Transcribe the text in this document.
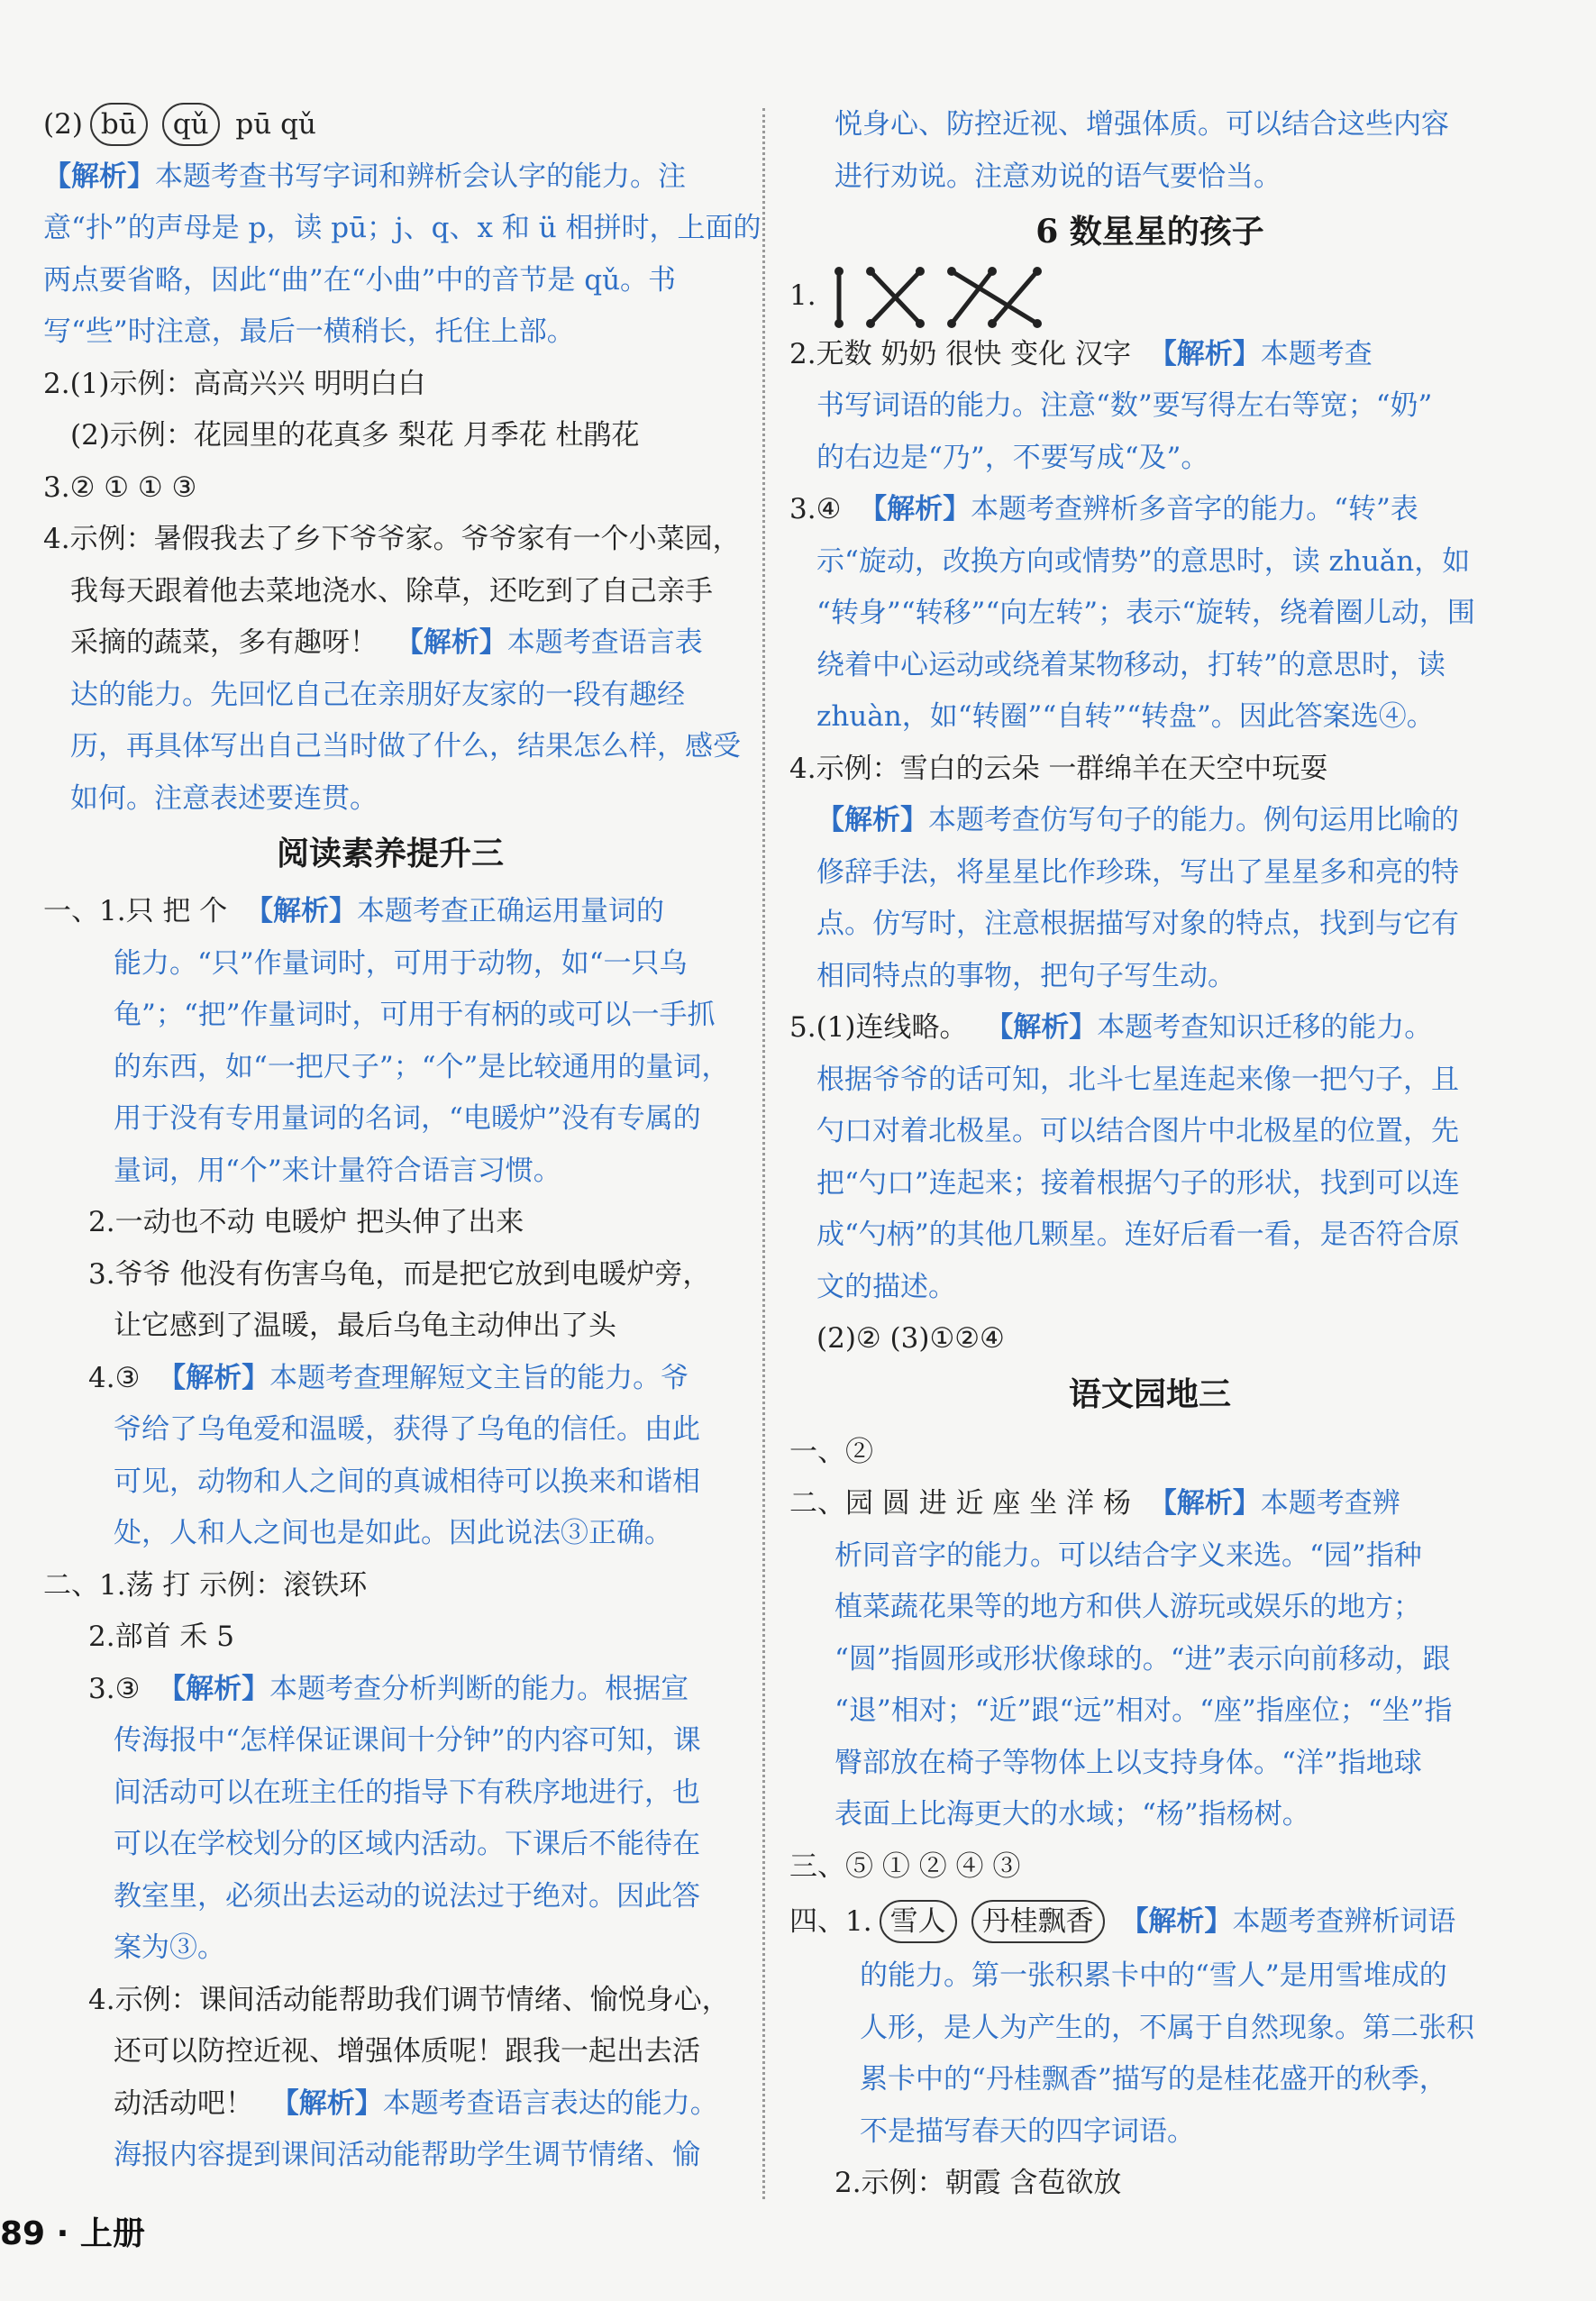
(2) bū qǔ pū qǔ

【解析】本题考查书写字词和辨析会认字的能力。注

意“扑”的声母是 p，读 pū；j、q、x 和 ü 相拼时，上面的

两点要省略，因此“曲”在“小曲”中的音节是 qǔ。书

写“些”时注意，最后一横稍长，托住上部。

2.(1)示例：高高兴兴 明明白白

(2)示例：花园里的花真多 梨花 月季花 杜鹃花

3.② ① ① ③

4.示例：暑假我去了乡下爷爷家。爷爷家有一个小菜园，

我每天跟着他去菜地浇水、除草，还吃到了自己亲手

采摘的蔬菜，多有趣呀！ 【解析】本题考查语言表

达的能力。先回忆自己在亲朋好友家的一段有趣经

历，再具体写出自己当时做了什么，结果怎么样，感受

如何。注意表述要连贯。

阅读素养提升三

一、1.只 把 个 【解析】本题考查正确运用量词的

能力。“只”作量词时，可用于动物，如“一只乌

龟”；“把”作量词时，可用于有柄的或可以一手抓

的东西，如“一把尺子”；“个”是比较通用的量词，

用于没有专用量词的名词，“电暖炉”没有专属的

量词，用“个”来计量符合语言习惯。

2.一动也不动 电暖炉 把头伸了出来

3.爷爷 他没有伤害乌龟，而是把它放到电暖炉旁，

让它感到了温暖，最后乌龟主动伸出了头

4.③ 【解析】本题考查理解短文主旨的能力。爷

爷给了乌龟爱和温暖，获得了乌龟的信任。由此

可见，动物和人之间的真诚相待可以换来和谐相

处，人和人之间也是如此。因此说法③正确。

二、1.荡 打 示例：滚铁环

2.部首 禾 5

3.③ 【解析】本题考查分析判断的能力。根据宣

传海报中“怎样保证课间十分钟”的内容可知，课

间活动可以在班主任的指导下有秩序地进行，也

可以在学校划分的区域内活动。下课后不能待在

教室里，必须出去运动的说法过于绝对。因此答

案为③。

4.示例：课间活动能帮助我们调节情绪、愉悦身心，

还可以防控近视、增强体质呢！跟我一起出去活

动活动吧！ 【解析】本题考查语言表达的能力。

海报内容提到课间活动能帮助学生调节情绪、愉

悦身心、防控近视、增强体质。可以结合这些内容

进行劝说。注意劝说的语气要恰当。

6 数星星的孩子

1.

2.无数 奶奶 很快 变化 汉字 【解析】本题考查

书写词语的能力。注意“数”要写得左右等宽；“奶”

的右边是“乃”，不要写成“及”。

3.④ 【解析】本题考查辨析多音字的能力。“转”表

示“旋动，改换方向或情势”的意思时，读 zhuǎn，如

“转身”“转移”“向左转”；表示“旋转，绕着圈儿动，围

绕着中心运动或绕着某物移动，打转”的意思时，读

zhuàn，如“转圈”“自转”“转盘”。因此答案选④。

4.示例：雪白的云朵 一群绵羊在天空中玩耍

【解析】本题考查仿写句子的能力。例句运用比喻的

修辞手法，将星星比作珍珠，写出了星星多和亮的特

点。仿写时，注意根据描写对象的特点，找到与它有

相同特点的事物，把句子写生动。

5.(1)连线略。 【解析】本题考查知识迁移的能力。

根据爷爷的话可知，北斗七星连起来像一把勺子，且

勺口对着北极星。可以结合图片中北极星的位置，先

把“勺口”连起来；接着根据勺子的形状，找到可以连

成“勺柄”的其他几颗星。连好后看一看，是否符合原

文的描述。

(2)② (3)①②④

语文园地三

一、②

二、园 圆 进 近 座 坐 洋 杨 【解析】本题考查辨

析同音字的能力。可以结合字义来选。“园”指种

植菜蔬花果等的地方和供人游玩或娱乐的地方；

“圆”指圆形或形状像球的。“进”表示向前移动，跟

“退”相对；“近”跟“远”相对。“座”指座位；“坐”指

臀部放在椅子等物体上以支持身体。“洋”指地球

表面上比海更大的水域；“杨”指杨树。

三、⑤ ① ② ④ ③

四、1. 雪人 丹桂飘香 【解析】本题考查辨析词语

的能力。第一张积累卡中的“雪人”是用雪堆成的

人形，是人为产生的，不属于自然现象。第二张积

累卡中的“丹桂飘香”描写的是桂花盛开的秋季，

不是描写春天的四字词语。

2.示例：朝霞 含苞欲放

89 · 上册
